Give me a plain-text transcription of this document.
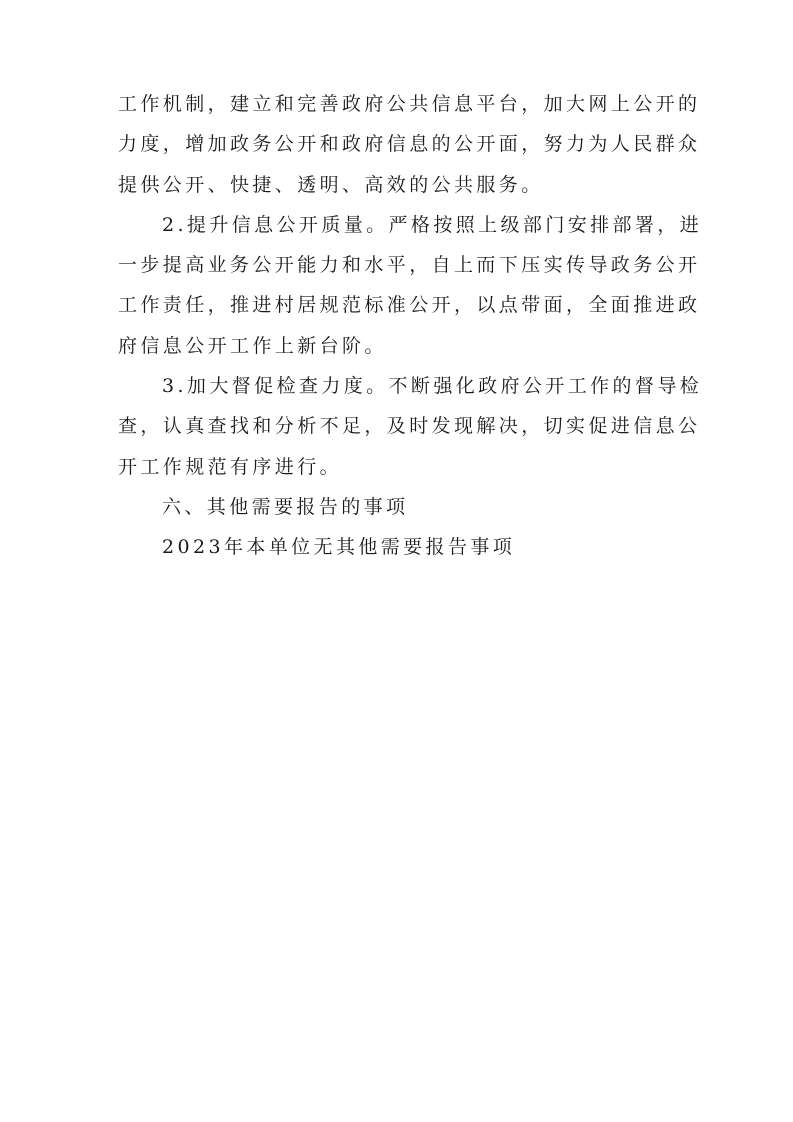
工作机制，建立和完善政府公共信息平台，加大网上公开的
力度，增加政务公开和政府信息的公开面，努力为人民群众
提供公开、快捷、透明、高效的公共服务。
2.提升信息公开质量。严格按照上级部门安排部署，进
一步提高业务公开能力和水平，自上而下压实传导政务公开
工作责任，推进村居规范标准公开，以点带面，全面推进政
府信息公开工作上新台阶。
3.加大督促检查力度。不断强化政府公开工作的督导检
查，认真查找和分析不足，及时发现解决，切实促进信息公
开工作规范有序进行。
六、其他需要报告的事项
2023年本单位无其他需要报告事项
